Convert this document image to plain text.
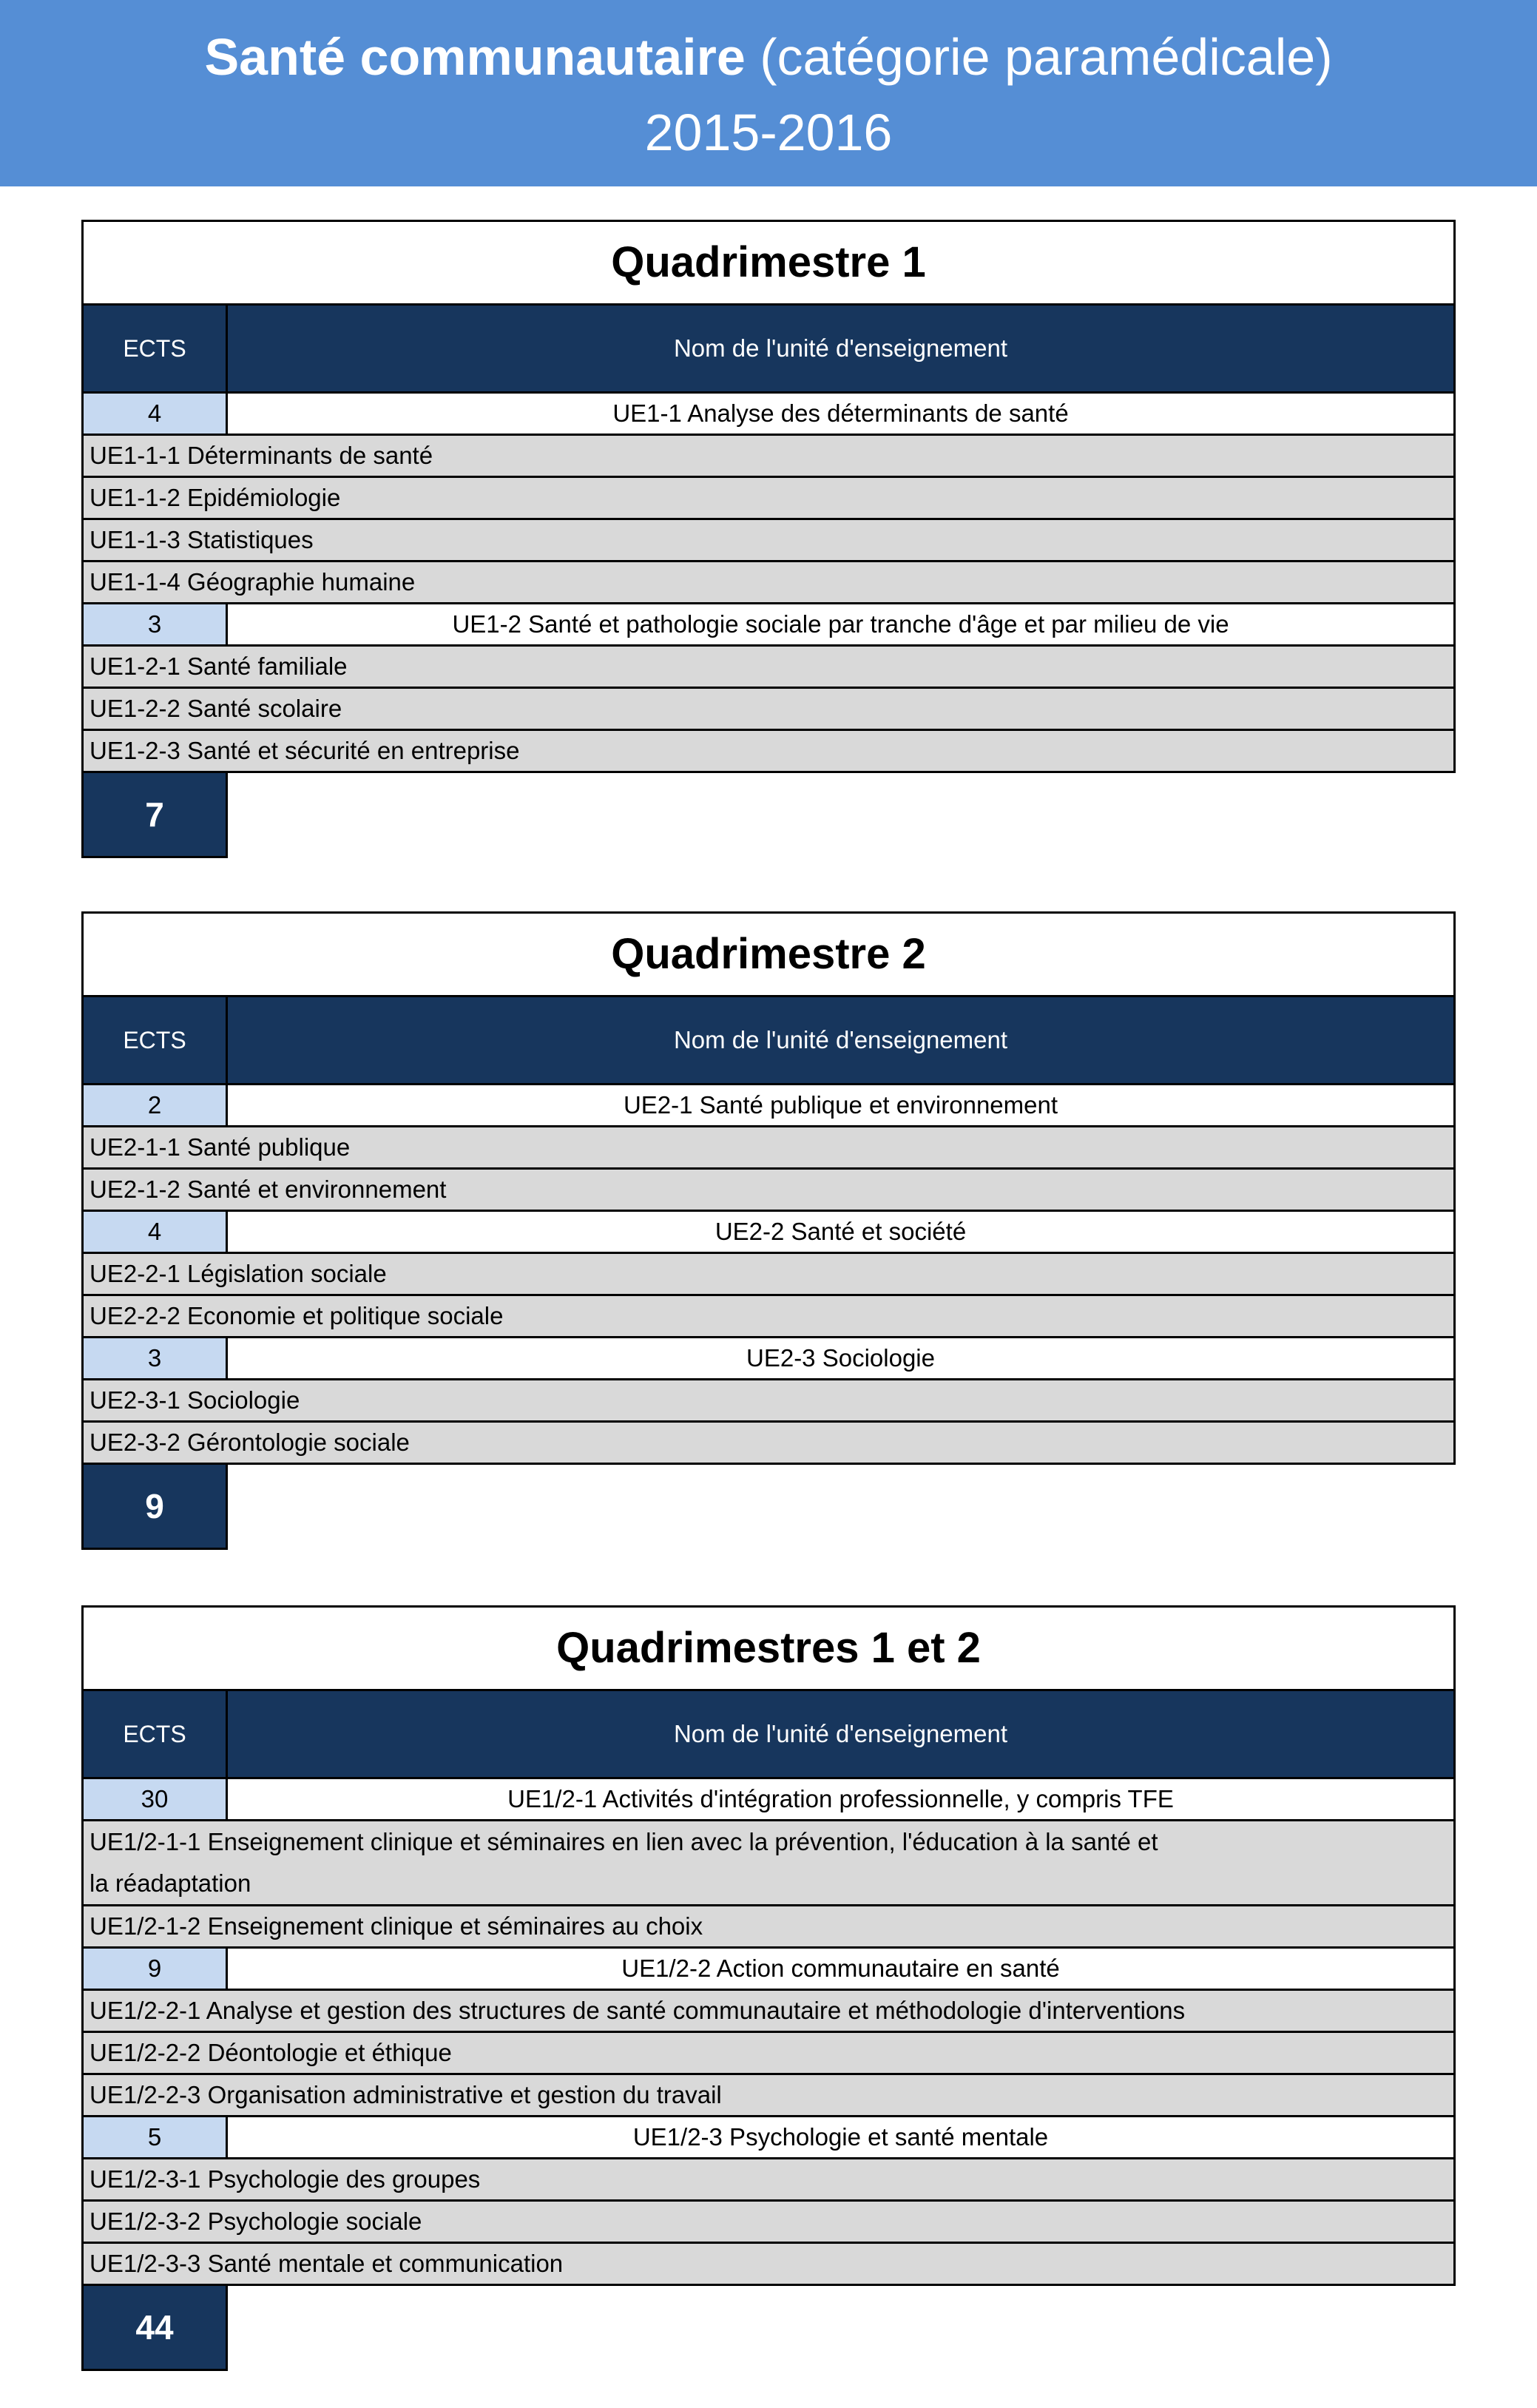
Santé communautaire (catégorie paramédicale)
2015-2016
Quadrimestre 1
ECTS	Nom de l'unité d'enseignement
4	UE1-1 Analyse des déterminants de santé
UE1-1-1 Déterminants de santé
UE1-1-2 Epidémiologie
UE1-1-3 Statistiques
UE1-1-4 Géographie humaine
3	UE1-2 Santé et pathologie sociale par tranche d'âge et par milieu de vie
UE1-2-1 Santé familiale
UE1-2-2 Santé scolaire
UE1-2-3 Santé et sécurité en entreprise
7
Quadrimestre 2
ECTS	Nom de l'unité d'enseignement
2	UE2-1 Santé publique et environnement
UE2-1-1 Santé publique
UE2-1-2 Santé et environnement
4	UE2-2 Santé et société
UE2-2-1 Législation sociale
UE2-2-2 Economie et politique sociale
3	UE2-3 Sociologie
UE2-3-1 Sociologie
UE2-3-2 Gérontologie sociale
9
Quadrimestres 1 et 2
ECTS	Nom de l'unité d'enseignement
30	UE1/2-1 Activités d'intégration professionnelle, y compris TFE
UE1/2-1-1 Enseignement clinique et séminaires en lien avec la prévention, l'éducation à la santé et la réadaptation
UE1/2-1-2 Enseignement clinique et séminaires au choix
9	UE1/2-2 Action communautaire en santé
UE1/2-2-1 Analyse et gestion des structures de santé communautaire et méthodologie d'interventions
UE1/2-2-2 Déontologie et éthique
UE1/2-2-3 Organisation administrative et gestion du travail
5	UE1/2-3 Psychologie et santé mentale
UE1/2-3-1 Psychologie des groupes
UE1/2-3-2 Psychologie sociale
UE1/2-3-3 Santé mentale et communication
44
